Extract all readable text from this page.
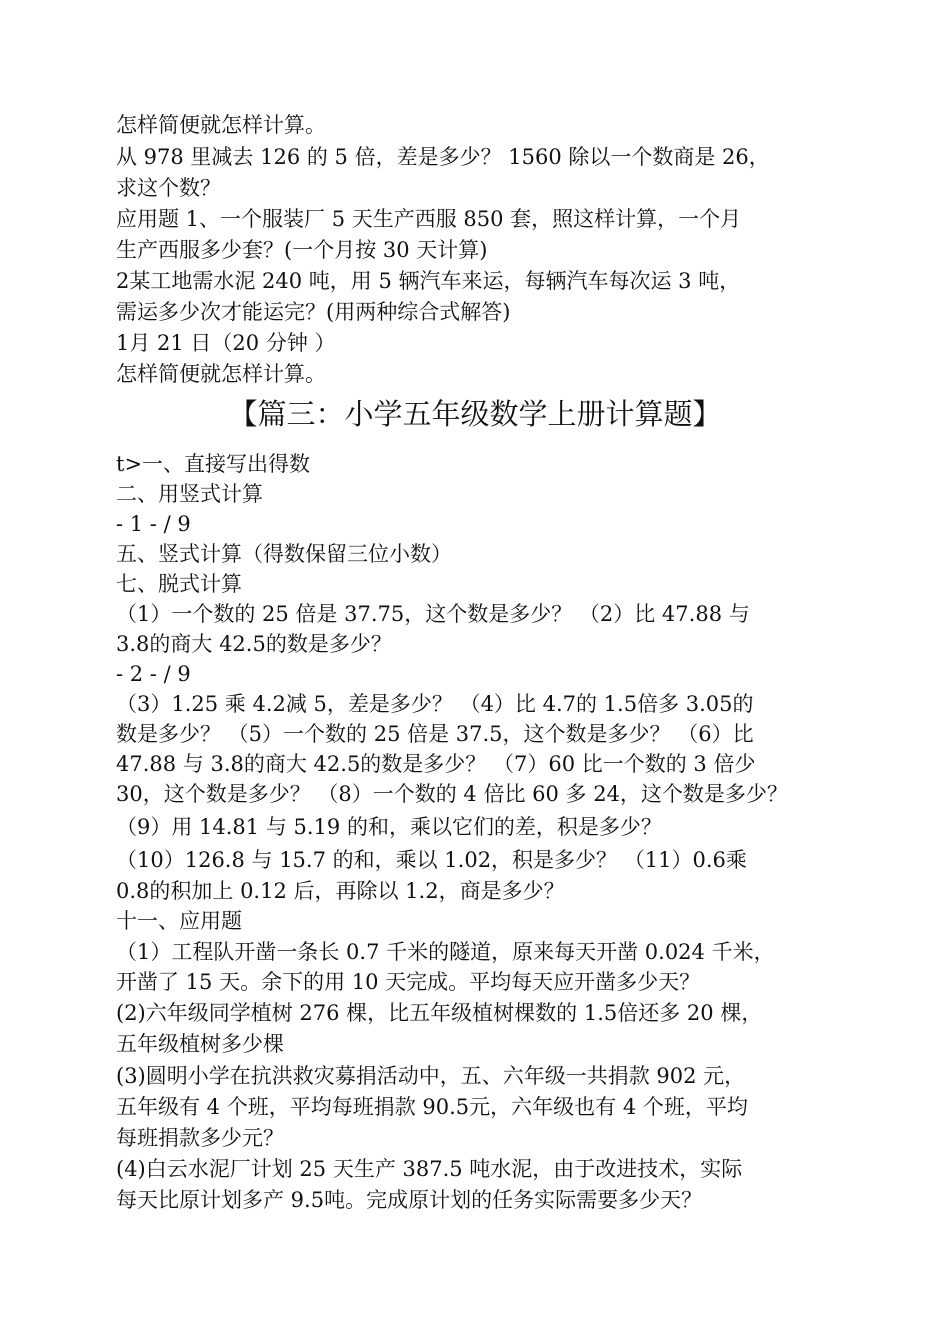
怎样简便就怎样计算。
从 978 里减去 126 的 5 倍，差是多少？ 1560 除以一个数商是 26，
求这个数？
应用题 1、一个服装厂 5 天生产西服 850 套，照这样计算，一个月
生产西服多少套？(一个月按 30 天计算)
2某工地需水泥 240 吨，用 5 辆汽车来运，每辆汽车每次运 3 吨，
需运多少次才能运完？(用两种综合式解答)
1月 21 日（20 分钟 ）
怎样简便就怎样计算。
【篇三：小学五年级数学上册计算题】
t>一、直接写出得数
二、用竖式计算
- 1 - / 9
五、竖式计算（得数保留三位小数）
七、脱式计算
（1）一个数的 25 倍是 37.75，这个数是多少？ （2）比 47.88 与
3.8的商大 42.5的数是多少？
- 2 - / 9
（3）1.25 乘 4.2减 5，差是多少？ （4）比 4.7的 1.5倍多 3.05的
数是多少？ （5）一个数的 25 倍是 37.5，这个数是多少？ （6）比
47.88 与 3.8的商大 42.5的数是多少？ （7）60 比一个数的 3 倍少
30，这个数是多少？ （8）一个数的 4 倍比 60 多 24，这个数是多少？
（9）用 14.81 与 5.19 的和，乘以它们的差，积是多少？
（10）126.8 与 15.7 的和，乘以 1.02，积是多少？ （11）0.6乘
0.8的积加上 0.12 后，再除以 1.2，商是多少？
十一、应用题
（1）工程队开凿一条长 0.7 千米的隧道，原来每天开凿 0.024 千米，
开凿了 15 天。余下的用 10 天完成。平均每天应开凿多少天？
(2)六年级同学植树 276 棵，比五年级植树棵数的 1.5倍还多 20 棵，
五年级植树多少棵
(3)圆明小学在抗洪救灾募捐活动中，五、六年级一共捐款 902 元，
五年级有 4 个班，平均每班捐款 90.5元，六年级也有 4 个班，平均
每班捐款多少元？
(4)白云水泥厂计划 25 天生产 387.5 吨水泥，由于改进技术，实际
每天比原计划多产 9.5吨。完成原计划的任务实际需要多少天？
